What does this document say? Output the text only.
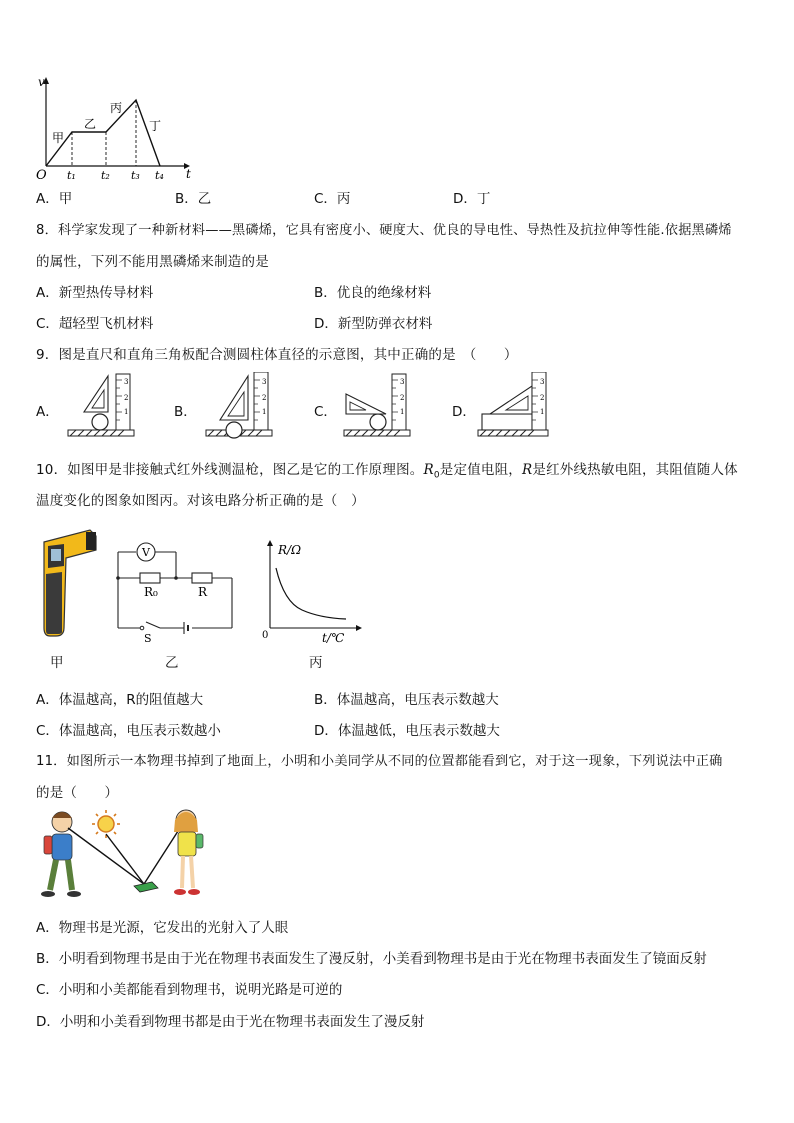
v
t
O
甲
乙
丙
丁
t₁ t₂ t₃ t₄
A．甲	B．乙	C．丙	D．丁
8．科学家发现了一种新材料——黑磷烯，它具有密度小、硬度大、优良的导电性、导热性及抗拉伸等性能.依据黑磷烯
的属性，下列不能用黑磷烯来制造的是
A．新型热传导材料	B．优良的绝缘材料
C．超轻型飞机材料	D．新型防弹衣材料
9．图是直尺和直角三角板配合测圆柱体直径的示意图，其中正确的是　（　　）
A．	1
2
3
B．	1
2
3
C．	1
2
3
D．	1
2
3
10．如图甲是非接触式红外线测温枪，图乙是它的工作原理图。$R_0$是定值电阻，R是红外线热敏电阻，其阻值随人体
温度变化的图象如图丙。对该电路分析正确的是（　）
甲
V
R₀	R
S
乙
R/Ω
0	t/℃
丙
A．体温越高，R的阻值越大	B．体温越高，电压表示数越大
C．体温越高，电压表示数越小	D．体温越低，电压表示数越大
11．如图所示一本物理书掉到了地面上，小明和小美同学从不同的位置都能看到它，对于这一现象，下列说法中正确
的是（　　）
A．物理书是光源，它发出的光射入了人眼
B．小明看到物理书是由于光在物理书表面发生了漫反射，小美看到物理书是由于光在物理书表面发生了镜面反射
C．小明和小美都能看到物理书，说明光路是可逆的
D．小明和小美看到物理书都是由于光在物理书表面发生了漫反射
